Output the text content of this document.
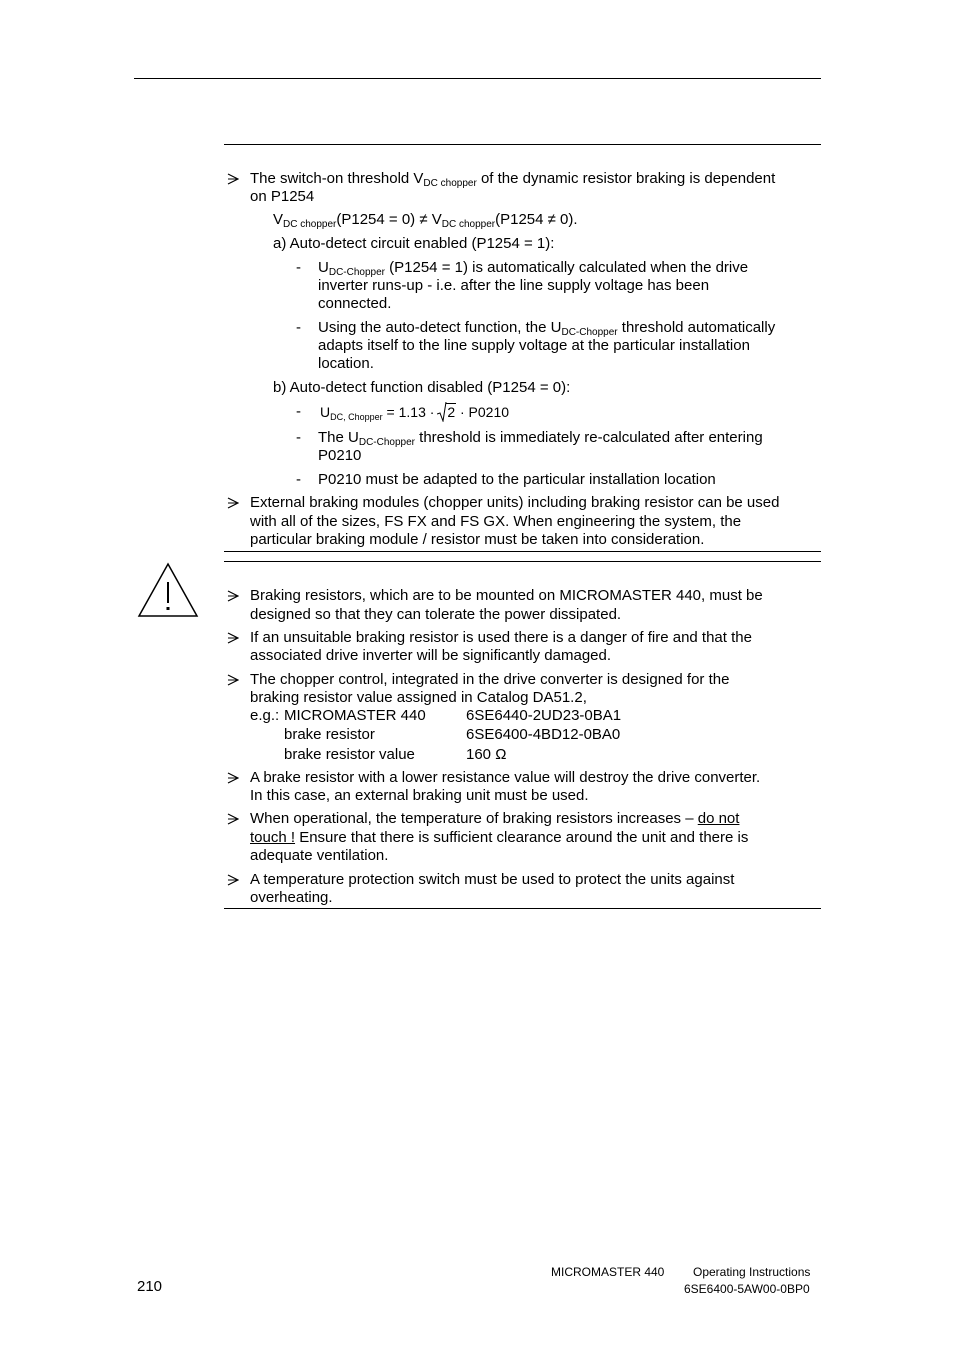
The switch-on threshold $V_{DC chopper}$ of the dynamic resistor braking is dependent
on P1254
$V_{DC chopper}(P1254 = 0) \ne V_{DC chopper}(P1254 \ne 0)$.
a) Auto-detect circuit enabled (P1254 = 1):
- $U_{DC-Chopper}$ (P1254 = 1) is automatically calculated when the drive
inverter runs-up - i.e. after the line supply voltage has been
connected.
- Using the auto-detect function, the $U_{DC-Chopper}$ threshold automatically
adapts itself to the line supply voltage at the particular installation
location.
b) Auto-detect function disabled (P1254 = 0):
- $U_{DC, Chopper} = 1.13$ ·
2 · P0210
- The $U_{DC-Chopper}$ threshold is immediately re-calculated after entering
P0210
- P0210 must be adapted to the particular installation location
External braking modules (chopper units) including braking resistor can be used
with all of the sizes, FS FX and FS GX. When engineering the system, the
particular braking module / resistor must be taken into consideration.
Braking resistors, which are to be mounted on MICROMASTER 440, must be
designed so that they can tolerate the power dissipated.
If an unsuitable braking resistor is used there is a danger of fire and that the
associated drive inverter will be significantly damaged.
The chopper control, integrated in the drive converter is designed for the
braking resistor value assigned in Catalog DA51.2,
e.g.: MICROMASTER 440	6SE6440-2UD23-0BA1
brake resistor	6SE6400-4BD12-0BA0
brake resistor value	160 Ω
A brake resistor with a lower resistance value will destroy the drive converter.
In this case, an external braking unit must be used.
When operational, the temperature of braking resistors increases – do not
touch ! Ensure that there is sufficient clearance around the unit and there is
adequate ventilation.
A temperature protection switch must be used to protect the units against
overheating.
210
MICROMASTER 440 Operating Instructions
6SE6400-5AW00-0BP0
